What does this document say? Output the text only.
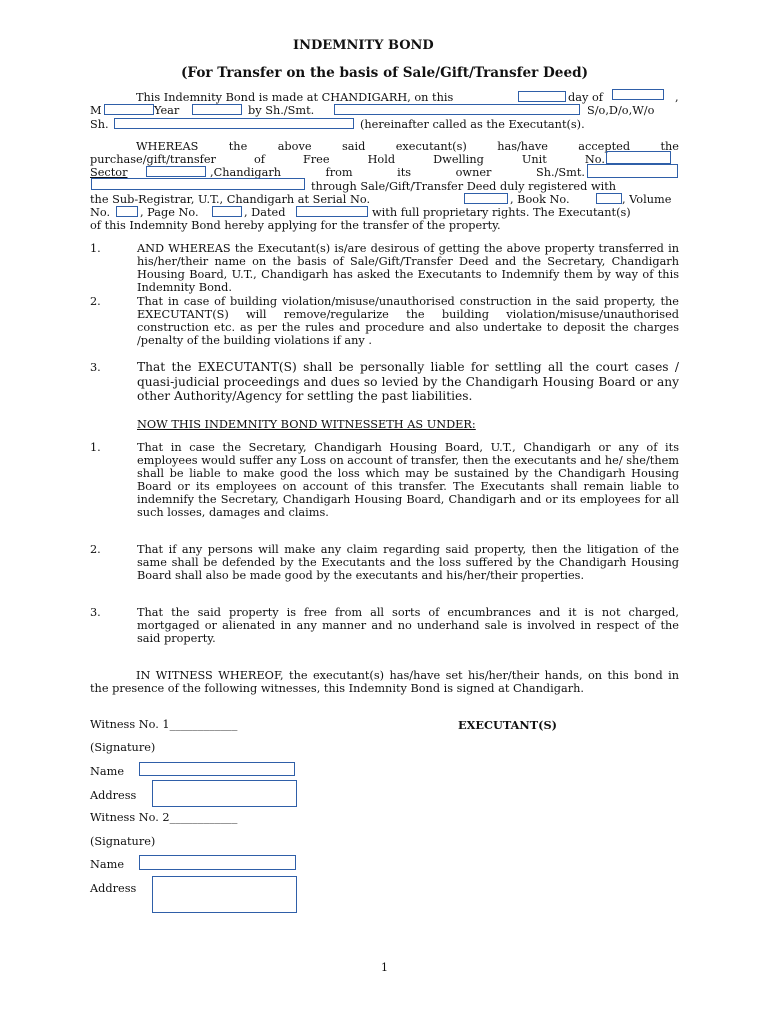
INDEMNITY BOND
(For Transfer on the basis of Sale/Gift/Transfer Deed)
This Indemnity Bond is made at CHANDIGARH, on this	day of	,
M	Year	by Sh./Smt.	S/o,D/o,W/o
Sh.	(hereinafter called as the Executant(s).
WHEREAS	the	above	said	executant(s)	has/have	accepted	the
purchase/gift/transfer	of	Free	Hold	Dwelling	Unit	No.
Sector	,Chandigarh	from	its	owner	Sh./Smt.
through Sale/Gift/Transfer Deed duly registered with
the Sub-Registrar, U.T., Chandigarh at Serial No.	, Book No.	, Volume
No.	, Page No.	, Dated	with full proprietary rights. The Executant(s)
of this Indemnity Bond hereby applying for the transfer of the property.
1.	AND WHEREAS the Executant(s) is/are desirous of getting the above property transferred in his/her/their name on the basis of Sale/Gift/Transfer Deed and the Secretary, Chandigarh Housing Board, U.T., Chandigarh has asked the Executants to Indemnify them by way of this Indemnity Bond.
2.	That in case of building violation/misuse/unauthorised construction in the said property, the EXECUTANT(S) will remove/regularize the building violation/misuse/unauthorised construction etc. as per the rules and procedure and also undertake to deposit the charges /penalty of the building violations if any .
3.	That the EXECUTANT(S) shall be personally liable for settling all the court cases / quasi-judicial proceedings and dues so levied by the Chandigarh Housing Board or any other Authority/Agency for settling the past liabilities.
NOW THIS INDEMNITY BOND WITNESSETH AS UNDER:
1.	That in case the Secretary, Chandigarh Housing Board, U.T., Chandigarh or any of its employees would suffer any Loss on account of transfer, then the executants and he/ she/them shall be liable to make good the loss which may be sustained by the Chandigarh Housing Board or its employees on account of this transfer. The Executants shall remain liable to indemnify the Secretary, Chandigarh Housing Board, Chandigarh and or its employees for all such losses, damages and claims.
2.	That if any persons will make any claim regarding said property, then the litigation of the same shall be defended by the Executants and the loss suffered by the Chandigarh Housing Board shall also be made good by the executants and his/her/their properties.
3.	That the said property is free from all sorts of encumbrances and it is not charged, mortgaged or alienated in any manner and no underhand sale is involved in respect of the said property.
IN WITNESS WHEREOF, the executant(s) has/have set his/her/their hands, on this bond in the presence of the following witnesses, this Indemnity Bond is signed at Chandigarh.
Witness No. 1____________	EXECUTANT(S)
(Signature)
Name
Address
Witness No. 2____________
(Signature)
Name
Address
1
